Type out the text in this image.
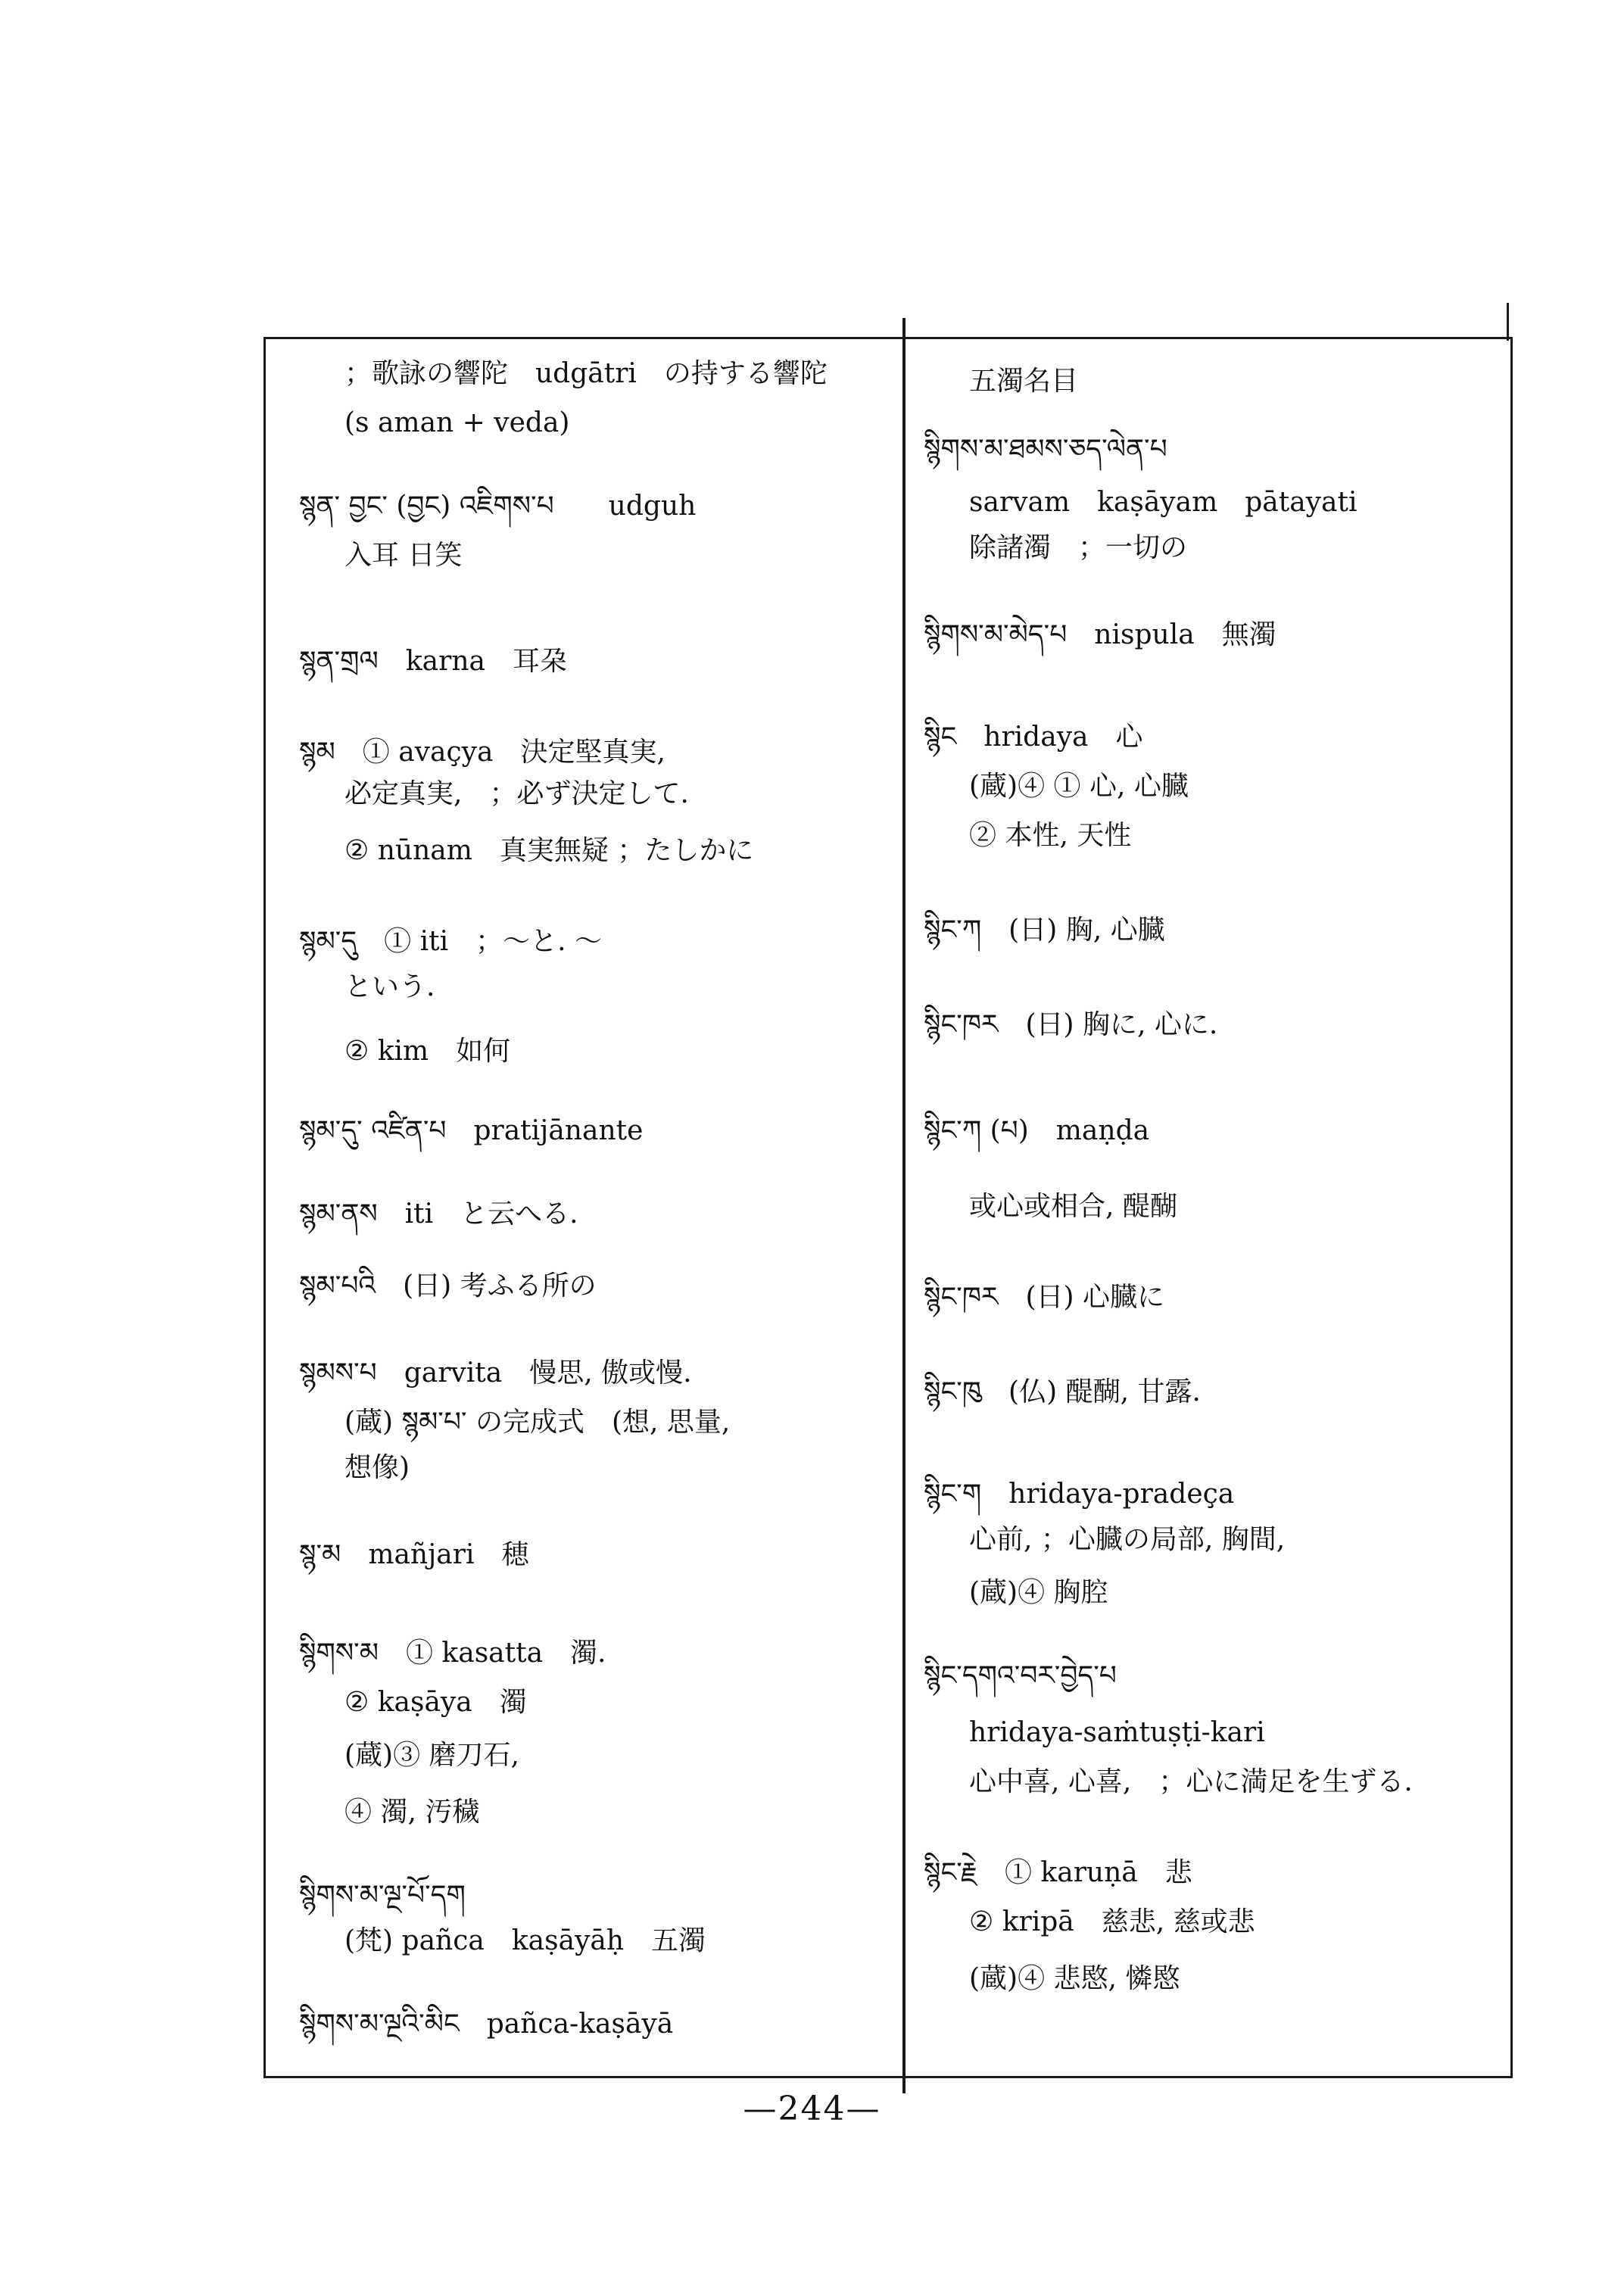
；歌詠の響陀　udgātri　の持する響陀
(s aman + veda)
སྙན་ བྱང་ (བྱང) འཇིགས་པ　　udguh
入耳 日笑
སྙན་གྲལ　karna　耳朶
སྙམ　① avaçya　決定堅真実,
必定真実,　；必ず決定して.
② nūnam　真実無疑 ；たしかに
སྙམ་དུ　① iti　；〜と. 〜
という.
② kim　如何
སྙམ་དུ་ འཛིན་པ　pratijānante
སྙམ་ནས　iti　と云へる.
སྙམ་པའི　(日) 考ふる所の
སྙམས་པ　garvita　慢思, 傲或慢.
(蔵) སྙམ་པ་ の完成式　(想, 思量,
想像)
སྙ་མ　mañjari　穂
སྙིགས་མ　① kasatta　濁.
② kaṣāya　濁
(蔵)③ 磨刀石,
④ 濁, 汚穢
སྙིགས་མ་ལྔ་པོ་དག
(梵) pañca　kaṣāyāḥ　五濁
སྙིགས་མ་ལྔའི་མིང　pañca-kaṣāyā
五濁名目
སྙིགས་མ་ཐམས་ཅད་ལེན་པ
sarvam　kaṣāyam　pātayati
除諸濁　；一切の
སྙིགས་མ་མེད་པ　nispula　無濁
སྙིང　hridaya　心
(蔵)④ ① 心, 心臓
② 本性, 天性
སྙིང་ཀ　(日) 胸, 心臓
སྙིང་ཁར　(日) 胸に, 心に.
སྙིང་ཀ (པ)　maṇḍa
或心或相合, 醍醐
སྙིང་ཁར　(日) 心臓に
སྙིང་ཁུ　(仏) 醍醐, 甘露.
སྙིང་ག　hridaya-pradeça
心前, ；心臓の局部, 胸間,
(蔵)④ 胸腔
སྙིང་དགའ་བར་བྱེད་པ
hridaya-saṁtuṣṭi-kari
心中喜, 心喜,　；心に満足を生ずる.
སྙིང་རྗེ　① karuṇā　悲
② kripā　慈悲, 慈或悲
(蔵)④ 悲愍, 憐愍
—244—
